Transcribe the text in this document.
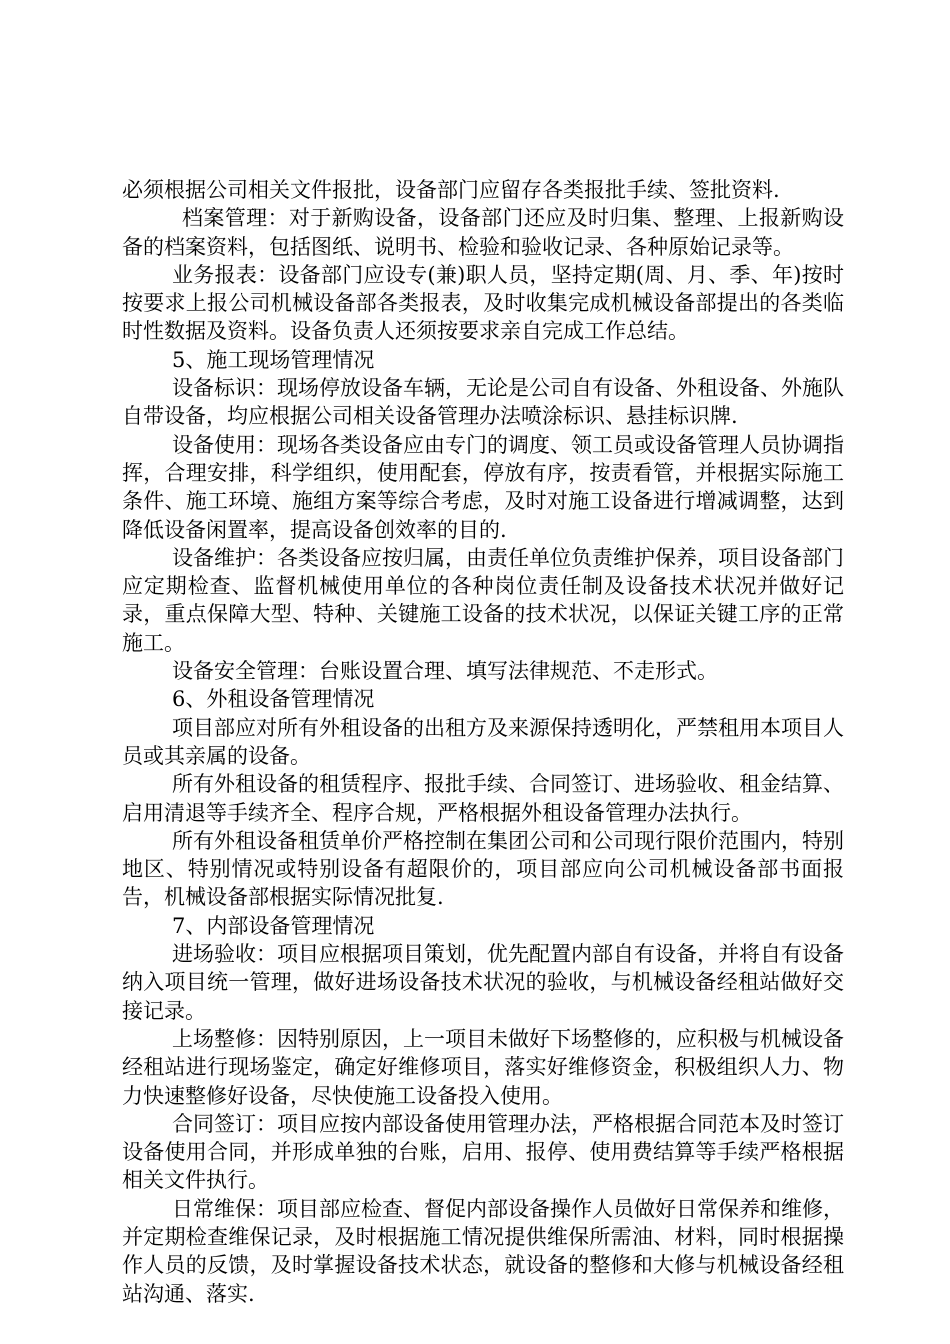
必须根据公司相关文件报批，设备部门应留存各类报批手续、签批资料.

档案管理：对于新购设备，设备部门还应及时归集、整理、上报新购设备的档案资料，包括图纸、说明书、检验和验收记录、各种原始记录等。

业务报表：设备部门应设专(兼)职人员，坚持定期(周、月、季、年)按时按要求上报公司机械设备部各类报表，及时收集完成机械设备部提出的各类临时性数据及资料。设备负责人还须按要求亲自完成工作总结。

5、施工现场管理情况

设备标识：现场停放设备车辆，无论是公司自有设备、外租设备、外施队自带设备，均应根据公司相关设备管理办法喷涂标识、悬挂标识牌.

设备使用：现场各类设备应由专门的调度、领工员或设备管理人员协调指挥，合理安排，科学组织，使用配套，停放有序，按责看管，并根据实际施工条件、施工环境、施组方案等综合考虑，及时对施工设备进行增减调整，达到降低设备闲置率，提高设备创效率的目的.

设备维护：各类设备应按归属，由责任单位负责维护保养，项目设备部门应定期检查、监督机械使用单位的各种岗位责任制及设备技术状况并做好记录，重点保障大型、特种、关键施工设备的技术状况，以保证关键工序的正常施工。

设备安全管理：台账设置合理、填写法律规范、不走形式。

6、外租设备管理情况

项目部应对所有外租设备的出租方及来源保持透明化，严禁租用本项目人员或其亲属的设备。

所有外租设备的租赁程序、报批手续、合同签订、进场验收、租金结算、启用清退等手续齐全、程序合规，严格根据外租设备管理办法执行。

所有外租设备租赁单价严格控制在集团公司和公司现行限价范围内，特别地区、特别情况或特别设备有超限价的，项目部应向公司机械设备部书面报告，机械设备部根据实际情况批复.

7、内部设备管理情况

进场验收：项目应根据项目策划，优先配置内部自有设备，并将自有设备纳入项目统一管理，做好进场设备技术状况的验收，与机械设备经租站做好交接记录。

上场整修：因特别原因，上一项目未做好下场整修的，应积极与机械设备经租站进行现场鉴定，确定好维修项目，落实好维修资金，积极组织人力、物力快速整修好设备，尽快使施工设备投入使用。

合同签订：项目应按内部设备使用管理办法，严格根据合同范本及时签订设备使用合同，并形成单独的台账，启用、报停、使用费结算等手续严格根据相关文件执行。

日常维保：项目部应检查、督促内部设备操作人员做好日常保养和维修，并定期检查维保记录，及时根据施工情况提供维保所需油、材料，同时根据操作人员的反馈，及时掌握设备技术状态，就设备的整修和大修与机械设备经租站沟通、落实.
